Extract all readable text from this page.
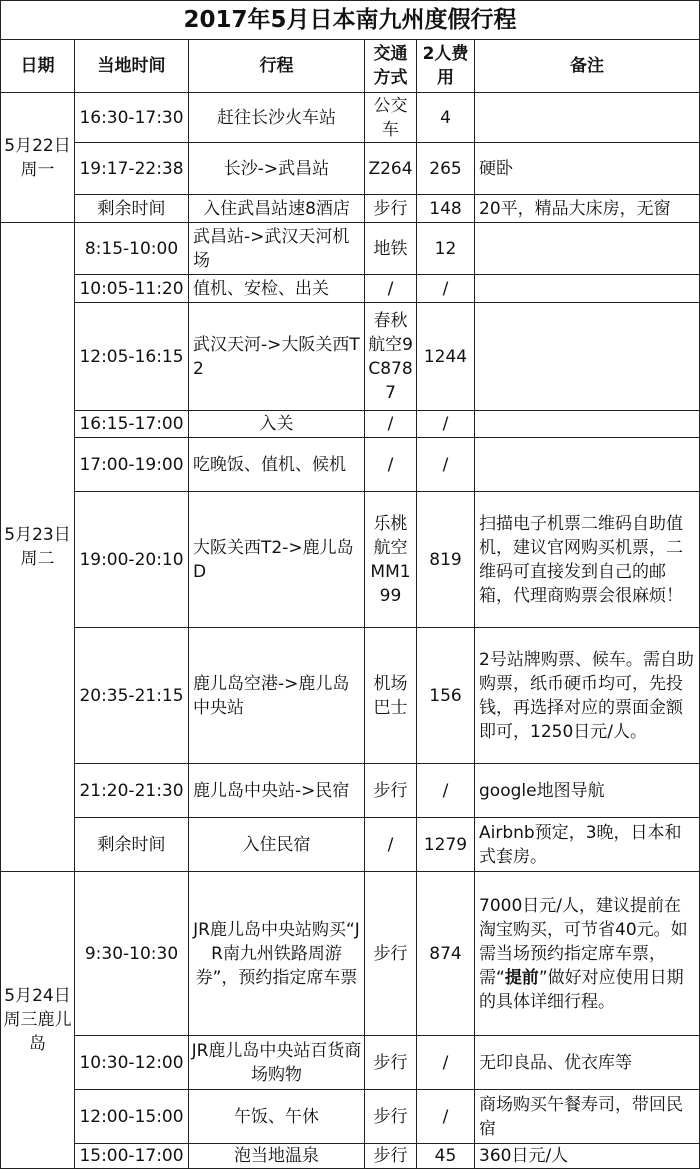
2017年5月日本南九州度假行程					
日期	当地时间	行程	交通方式	2人费用	备注
5月22日周一	16:30-17:30	赶往长沙火车站	公交车	4	
	19:17-22:38	长沙->武昌站	Z264	265	硬卧
	剩余时间	入住武昌站速8酒店	步行	148	20平，精品大床房，无窗
5月23日周二	8:15-10:00	武昌站->武汉天河机场	地铁	12	
	10:05-11:20	值机、安检、出关	/	/	
	12:05-16:15	武汉天河->大阪关西T2	春秋航空9C8787	1244	
	16:15-17:00	入关	/	/	
	17:00-19:00	吃晚饭、值机、候机	/	/	
	19:00-20:10	大阪关西T2->鹿儿岛D	乐桃航空MM199	819	扫描电子机票二维码自助值机，建议官网购买机票，二维码可直接发到自己的邮箱，代理商购票会很麻烦！
	20:35-21:15	鹿儿岛空港->鹿儿岛中央站	机场巴士	156	2号站牌购票、候车。需自助购票，纸币硬币均可，先投钱，再选择对应的票面金额即可，1250日元/人。
	21:20-21:30	鹿儿岛中央站->民宿	步行	/	google地图导航
	剩余时间	入住民宿	/	1279	Airbnb预定，3晚，日本和式套房。
5月24日周三鹿儿岛	9:30-10:30	JR鹿儿岛中央站购买“JR南九州铁路周游券”，预约指定席车票	步行	874	7000日元/人，建议提前在淘宝购买，可节省40元。如需当场预约指定席车票，需“提前”做好对应使用日期的具体详细行程。
	10:30-12:00	JR鹿儿岛中央站百货商场购物	步行	/	无印良品、优衣库等
	12:00-15:00	午饭、午休	步行	/	商场购买午餐寿司，带回民宿
	15:00-17:00	泡当地温泉	步行	45	360日元/人
